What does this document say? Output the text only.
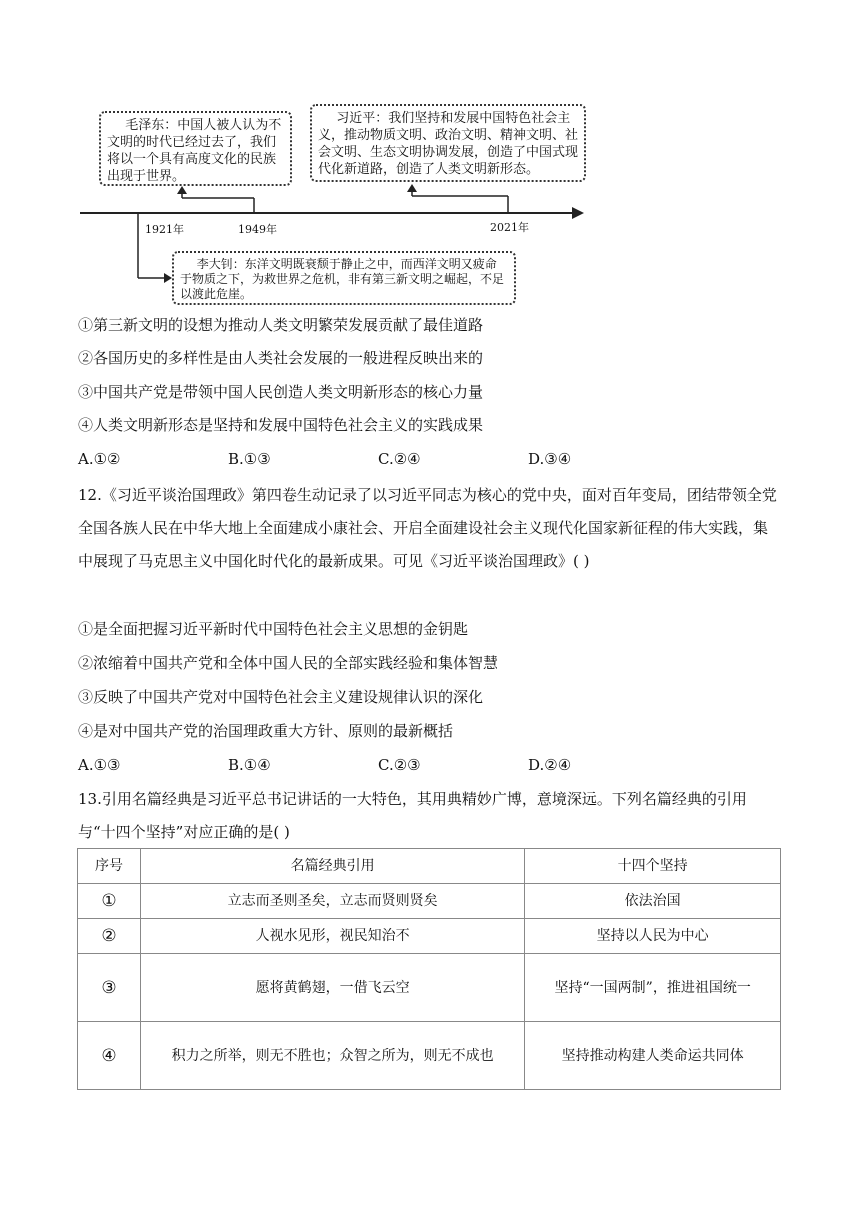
毛泽东：中国人被人认为不文明的时代已经过去了，我们将以一个具有高度文化的民族出现于世界。
习近平：我们坚持和发展中国特色社会主义，推动物质文明、政治文明、精神文明、社会文明、生态文明协调发展，创造了中国式现代化新道路，创造了人类文明新形态。
李大钊：东洋文明既衰颓于静止之中，而西洋文明又疲命于物质之下，为救世界之危机，非有第三新文明之崛起，不足以渡此危崖。
1921年	1949年	2021年
①第三新文明的设想为推动人类文明繁荣发展贡献了最佳道路
②各国历史的多样性是由人类社会发展的一般进程反映出来的
③中国共产党是带领中国人民创造人类文明新形态的核心力量
④人类文明新形态是坚持和发展中国特色社会主义的实践成果
A.①②	B.①③	C.②④	D.③④
12.《习近平谈治国理政》第四卷生动记录了以习近平同志为核心的党中央，面对百年变局，团结带领全党全国各族人民在中华大地上全面建成小康社会、开启全面建设社会主义现代化国家新征程的伟大实践，集中展现了马克思主义中国化时代化的最新成果。可见《习近平谈治国理政》( )
①是全面把握习近平新时代中国特色社会主义思想的金钥匙
②浓缩着中国共产党和全体中国人民的全部实践经验和集体智慧
③反映了中国共产党对中国特色社会主义建设规律认识的深化
④是对中国共产党的治国理政重大方针、原则的最新概括
A.①③	B.①④	C.②③	D.②④
13.引用名篇经典是习近平总书记讲话的一大特色，其用典精妙广博，意境深远。下列名篇经典的引用与“十四个坚持”对应正确的是( )
序号	名篇经典引用	十四个坚持
①	立志而圣则圣矣，立志而贤则贤矣	依法治国
②	人视水见形，视民知治不	坚持以人民为中心
③	愿将黄鹤翅，一借飞云空	坚持“一国两制”，推进祖国统一
④	积力之所举，则无不胜也；众智之所为，则无不成也	坚持推动构建人类命运共同体
